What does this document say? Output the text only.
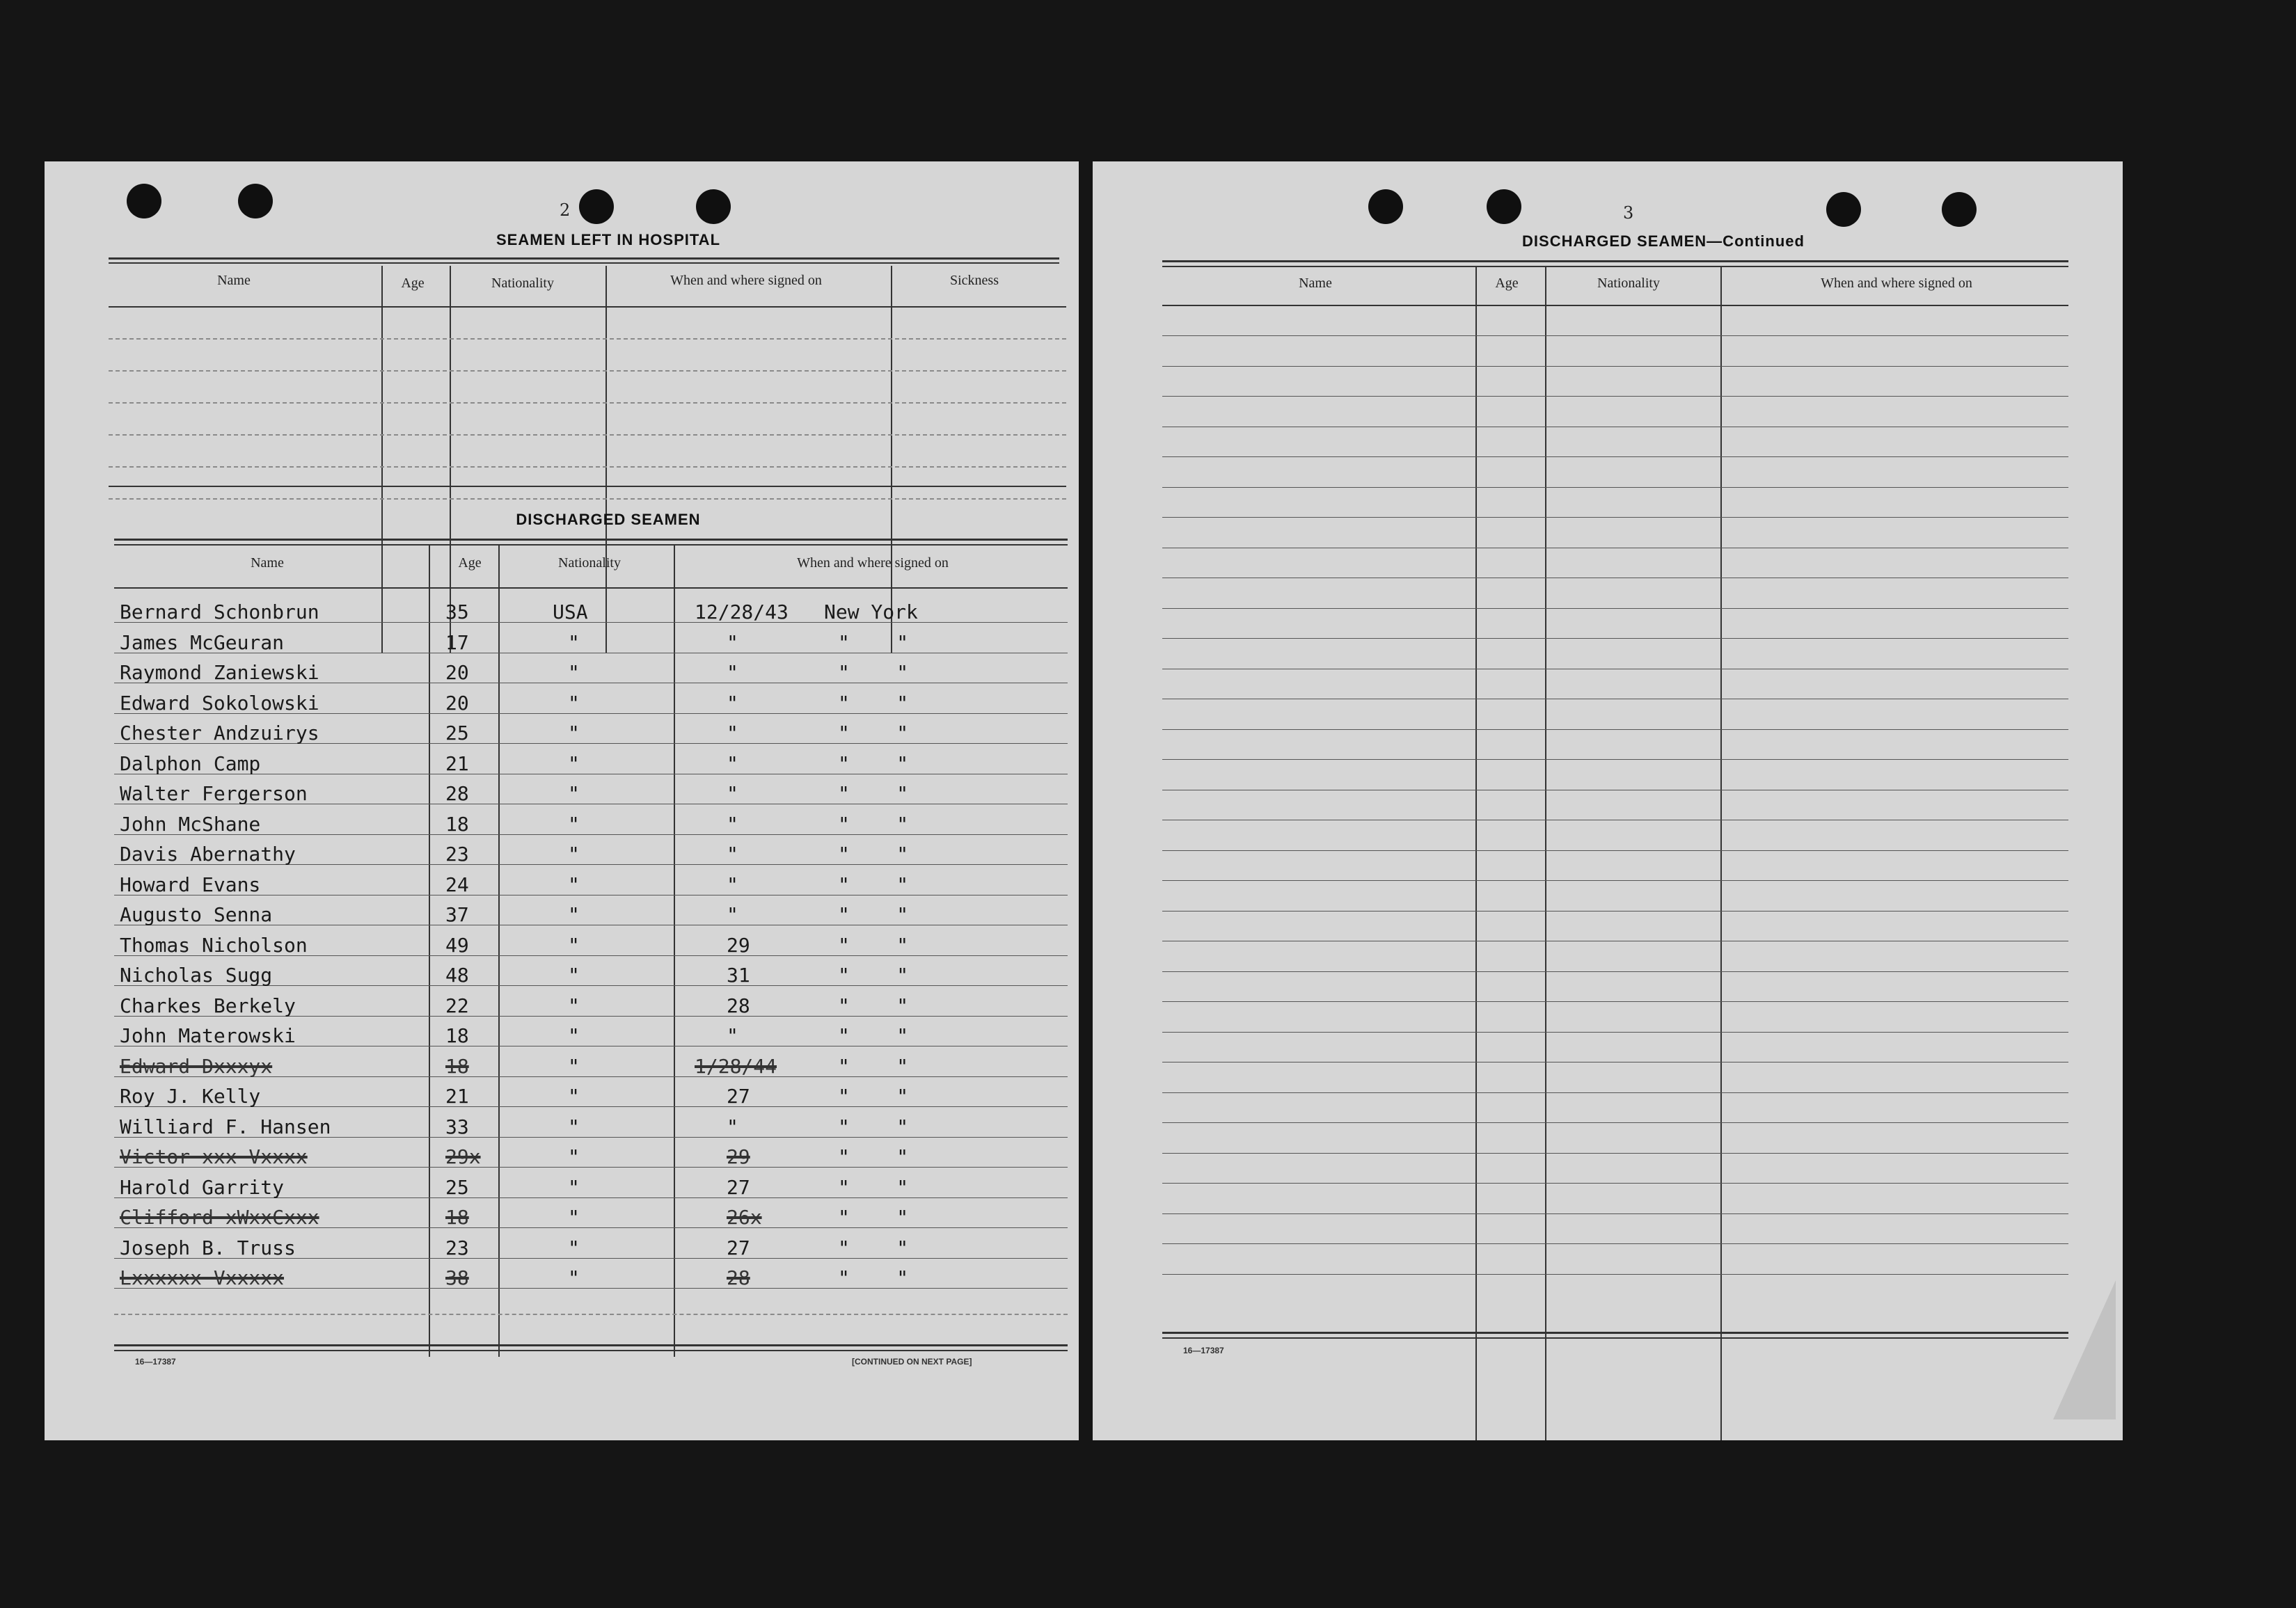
2
SEAMEN LEFT IN HOSPITAL
Name	Age	Nationality	When and where signed on	Sickness
DISCHARGED SEAMEN
Name	Age	Nationality	When and where signed on
Bernard Schonbrun	35	USA	12/28/43 New York
James McGeuran	17	"	"	"    "
Raymond Zaniewski	20	"	"	"    "
Edward Sokolowski	20	"	"	"    "
Chester Andzuirys	25	"	"	"    "
Dalphon Camp	21	"	"	"    "
Walter Fergerson	28	"	"	"    "
John McShane	18	"	"	"    "
Davis Abernathy	23	"	"	"    "
Howard Evans	24	"	"	"    "
Augusto Senna	37	"	"	"    "
Thomas Nicholson	49	"	29	"    "
Nicholas Sugg	48	"	31	"    "
Charkes Berkely	22	"	28	"    "
John Materowski	18	"	"	"    "
Edward Dxxxyx	18	"	1/28/44	"    "
Roy J. Kelly	21	"	27	"    "
Williard F. Hansen	33	"	"	"    "
Victor xxx Vxxxx	29x	"	29	"    "
Harold Garrity	25	"	27	"    "
Clifford xWxxCxxx	18	"	26x	"    "
Joseph B. Truss	23	"	27	"    "
Lxxxxxx Vxxxxx	38	"	28	"    "
16—17387	[CONTINUED ON NEXT PAGE]
3
DISCHARGED SEAMEN—Continued
Name	Age	Nationality	When and where signed on
16—17387
